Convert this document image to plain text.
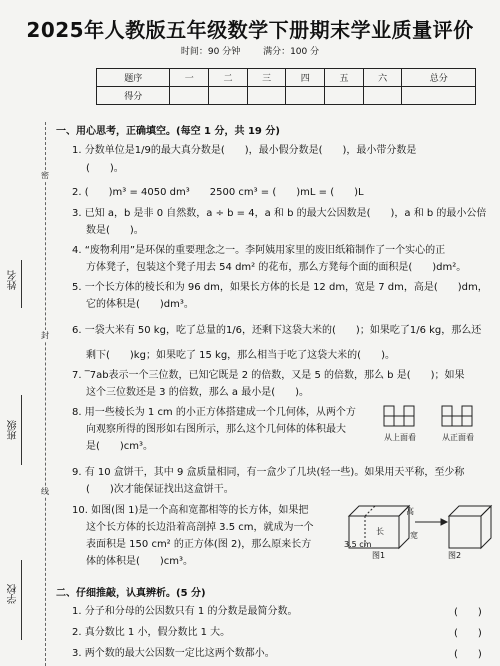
2025年人教版五年级数学下册期末学业质量评价
时间：90 分钟	满分：100 分
题序	一	二	三	四	五	六	总分
得分							
姓名
班级
学校
密
封
线
一、用心思考，正确填空。(每空 1 分，共 19 分)
1. 分数单位是1/9的最大真分数是(　　)，最小假分数是(　　)，最小带分数是
(　　)。
2. (　　)m³ = 4050 dm³　　2500 cm³ = (　　)mL = (　　)L
3. 已知 a，b 是非 0 自然数，a ÷ b = 4，a 和 b 的最大公因数是(　　)，a 和 b 的最小公倍
数是(　　)。
4. “废物利用”是环保的重要理念之一。李阿姨用家里的废旧纸箱制作了一个实心的正
方体凳子，包装这个凳子用去 54 dm² 的花布，那么方凳每个面的面积是(　　)dm²。
5. 一个长方体的棱长和为 96 dm，如果长方体的长是 12 dm，宽是 7 dm，高是(　　)dm，
它的体积是(　　)dm³。
6. 一袋大米有 50 kg，吃了总量的1/6，还剩下这袋大米的(　　)；如果吃了1/6 kg，那么还
剩下(　　)kg；如果吃了 15 kg，那么相当于吃了这袋大米的(　　)。
7. ‾7ab表示一个三位数，已知它既是 2 的倍数，又是 5 的倍数，那么 b 是(　　)；如果
这个三位数还是 3 的倍数，那么 a 最小是(　　)。
8. 用一些棱长为 1 cm 的小正方体搭建成一个几何体，从两个方
向观察所得的图形如右图所示，那么这个几何体的体积最大
是(　　)cm³。
从上面看	从正面看
9. 有 10 盒饼干，其中 9 盒质量相同，有一盒少了几块(轻一些)。如果用天平称，至少称
(　　)次才能保证找出这盒饼干。
10. 如图(图 1)是一个高和宽都相等的长方体，如果把
这个长方体的长边沿着高剖掉 3.5 cm，就成为一个
表面积是 150 cm² 的正方体(图 2)，那么原来长方
体的体积是(　　)cm³。
高
宽
长
3.5 cm
图1	图2
二、仔细推敲，认真辨析。(5 分)
1. 分子和分母的公因数只有 1 的分数是最简分数。	(　　)
2. 真分数比 1 小，假分数比 1 大。	(　　)
3. 两个数的最大公因数一定比这两个数都小。	(　　)
